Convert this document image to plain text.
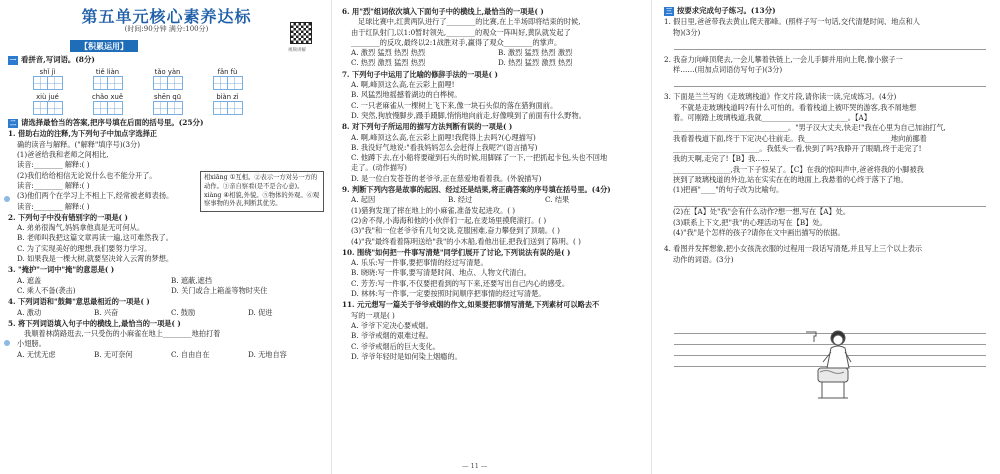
第五单元核心素养达标
(时间:90分钟 满分:100分)
视频讲解
【积累运用】
一 看拼音,写词语。(8分)
shǐ jì	tiě liàn	tǎo yàn	fǎn fù
xiù jué	chǎo xuě	shēn qū	biàn zì
二 请选择最恰当的答案,把序号填在后面的括号里。(25分)
1. 借助右边的注释,为下列句子中加点字选择正
确的读音与解释。("解释"填序号)(3分)
(1)爸爸给我和老师之间相比,
读音:________ 解释:( )
(2)我们给给相信无论说什么也不能分开了。
读音:________ 解释:( )
(3)他们两个在学习上不相上下,经常被老师表扬。
读音:________ 解释:( )
相xiāng ①互相。②表示一方对另一方的动作。③亲自察看(是不是合心意)。xiàng ④相貌,外貌。⑤物体的外观。⑥观察事物的外表,判断其优劣。
2. 下列句子中没有错别字的一项是( )
A. 弟弟很淘气,妈妈拿他真是无可何从。
B. 老师叫我把这篇文章再读一遍,这可难然我了。
C. 为了实现美好的理想,我们要努力学习。
D. 如果我是一棵大树,就要坚决耸入云霄的梦想。
3. "掩护"一词中"掩"的意思是( )
A. 遮盖	B. 遮蔽,遮挡
C. 乘人不备(袭击)	D. 关门或合上箱盖等物时夹住
4. 下列词语和"鼓舞"意思最相近的一项是( )
A. 激动	B. 兴奋	C. 鼓励	D. 促进
5. 将下列词语填入句子中的横线上,最恰当的一项是( )
我顺着林荫路逛去,一只受伤的小麻雀在地上________地拍打着
小翅膀。
A. 无忧无虑	B. 无可奈何	C. 自由自在	D. 无地自容
6. 用"烈"组词依次填入下面句子中的横线上,最恰当的一项是( )
足球比赛中,红黄两队进行了________的比赛,在上半场即将结束的时候,
由于红队射门,以1:0暂时领先,________的观众一阵叫好,黄队就发起了
________的反攻,最终以2:1战胜对手,赢得了观众________的掌声。
A. 激烈 猛烈 热烈 热烈	B. 激烈 猛烈 热烈 激烈
C. 热烈 激烈 猛烈 热烈	D. 热烈 猛烈 激烈 热烈
7. 下列句子中运用了比喻的修辞手法的一项是( )
A. 啊,峰顶这么高,在云彩上面哩!
B. 风猛烈地摇撼着湖边的白桦树。
C. 一只老麻雀从一棵树上飞下来,像一块石头似的落在猎狗面前。
D. 突然,狗放慢脚步,蹑手蹑脚,悄悄地向前走,好像嗅到了前面有什么野物。
8. 对下列句子所运用的描写方法判断有误的一项是( )
A. 啊,峰顶这么高,在云彩上面哩!我爬得上去吗?(心理描写)
B. 我没好气地说:"看我妈妈怎么会赶得上我呢?"(语言描写)
C. 他蹲下去,在小船将要碰到石头的时候,用脚踩了一下,一把抓起卡包,头也不回地
走了。(动作描写)
D. 是一位白发苍苍的老爷爷,正在慈爱地看着我。(外貌描写)
9. 判断下列内容是故事的起因、经过还是结果,将正确答案的序号填在括号里。(4分)
A. 起因	B. 经过	C. 结果
(1)猎狗发现了摔在地上的小麻雀,准备发起进攻。( )
(2)舍不得,小海海和他的小伙伴们一起,在麦场里摸爬滚打。( )
(3)"我"和一位老爷爷有几句交谈,克服困难,奋力攀登到了顶端。( )
(4)"我"最终看着陈明送给"我"的小木船,看他出征,把我们送到了陈明。( )
10. 围绕"如何把一件事写清楚"同学们展开了讨论,下列说法有误的是( )
A. 乐乐:写一件事,要把事情的经过写清楚。
B. 晓晓:写一件事,要写清楚时间、地点、人物文代清白。
C. 芳芳:写一件事,不仅要把看到的写下来,还要写出自己内心的感受。
D. 林林:写一件事,一定要按照时间顺序把事情的经过写清楚。
11. 元元想写一篇关于爷爷戒烟的作文,如果要把事情写清楚,下列素材可以略去不
写的一项是( )
A. 爷爷下定决心要戒烟。
B. 爷爷戒烟的艰难过程。
C. 爷爷戒烟后的巨大变化。
D. 爷爷年轻时是如何染上烟瘾的。
— 11 —
三 按要求完成句子练习。(13分)
1. 假日里,爸爸带我去黄山,爬天都峰。(照样子写一句话,交代清楚时间、地点和人
物)(3分)
2. 我奋力向峰顶爬去,一会儿攀着铁链上,一会儿手脚并用向上爬,像小猴子一
样……(用加点词语仿写句子)(3分)
3. 下面是兰兰写的《走玻璃栈道》作文片段,请你读一读,完成练习。(4分)
不就是走玻璃栈道吗?有什么可怕的。看着栈道上被吓哭的游客,我不屑地想
着。可刚踏上玻璃栈道,我就________________________。【A】
________________________________。"男子汉大丈夫,快走!"我在心里为自己加油打气,
我看着栈道下面,终于下定决心往前走。我________________________地向前挪着
________________________。我低头一看,快到了吗?我睁开了眼睛,终于走完了!
我的天啊,走完了!【B】我……
________________,我一下子惊呆了。【C】在我的惊叫声中,爸爸将我的小脚被我
挟到了玻璃栈道的外边,站在实实在在的地面上,我悬着的心终于落下了地。
(1)把画"____"的句子改为比喻句。
(2)在【A】处"我"会有什么动作?想一想,写在【A】处。
(3)联系上下文,把"我"的心理活动写在【B】处。
(4)"我"是个怎样的孩子?请你在文中画出描写的依据。
4. 看图并发挥想象,把小女孩洗衣服的过程用一段话写清楚,并且写上三个以上表示
动作的词语。(3分)
